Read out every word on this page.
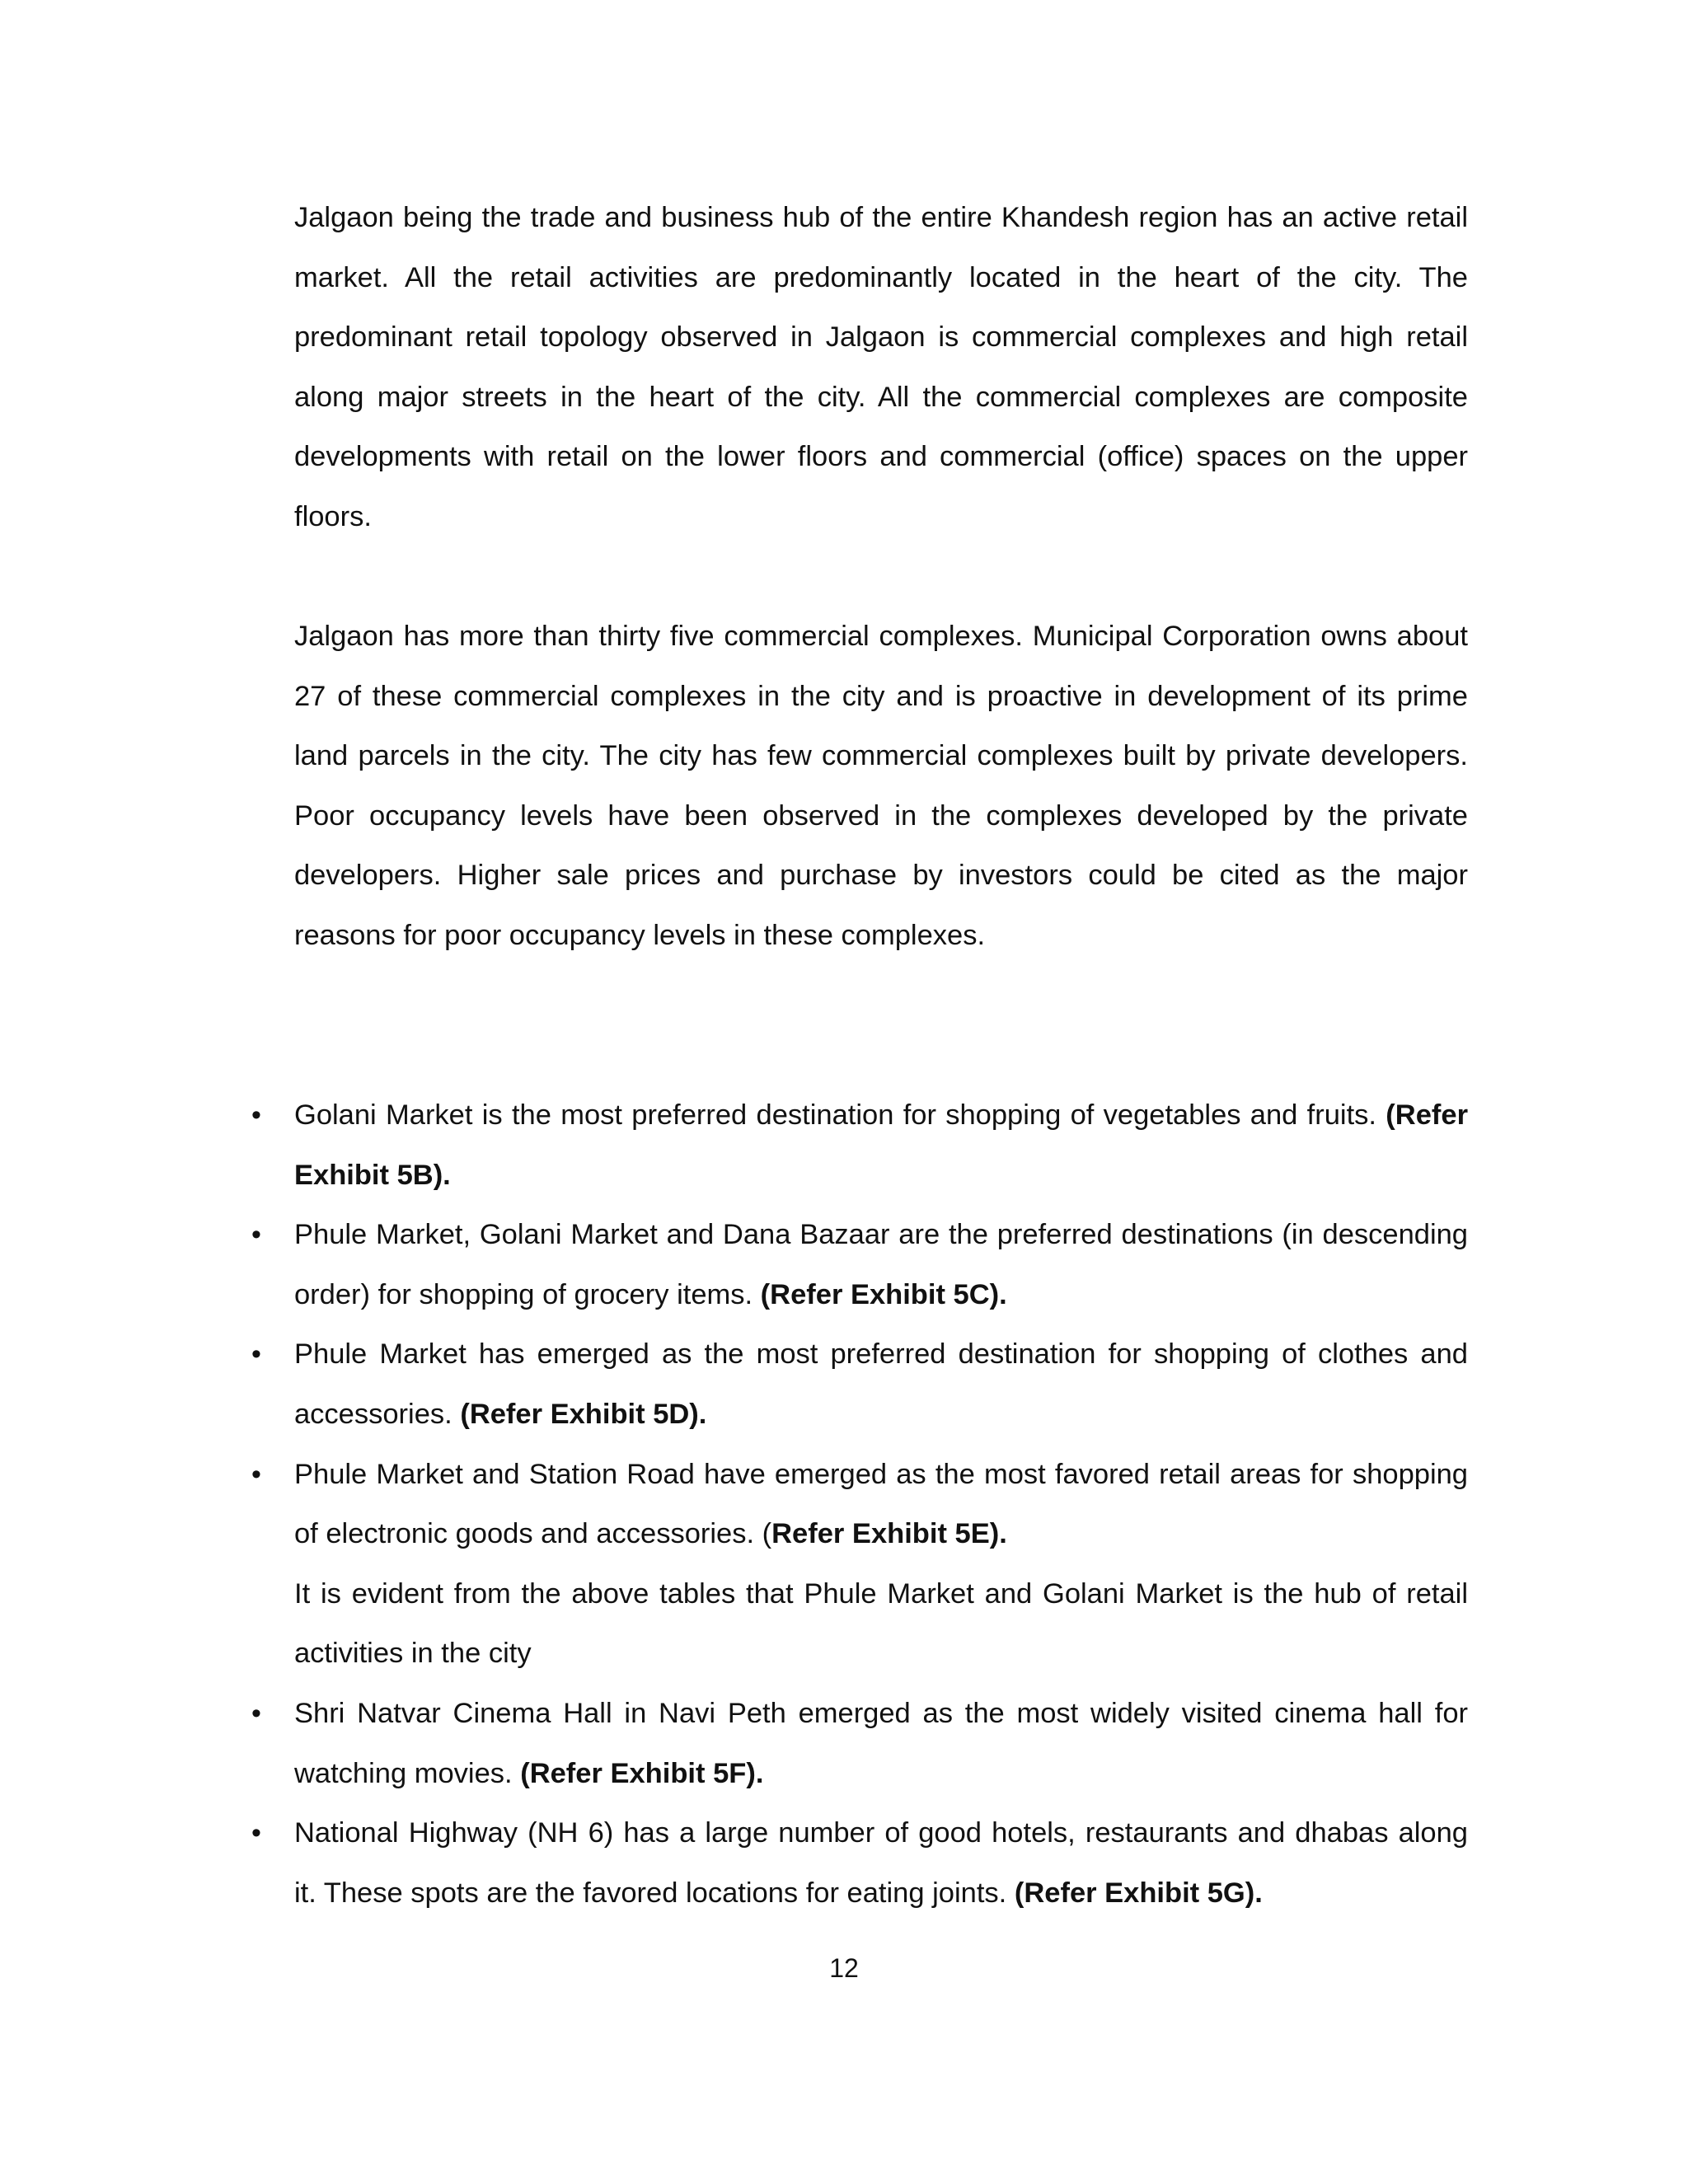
Jalgaon being the trade and business hub of the entire Khandesh region has an active retail market. All the retail activities are predominantly located in the heart of the city. The predominant retail topology observed in Jalgaon is commercial complexes and high retail along major streets in the heart of the city. All the commercial complexes are composite developments with retail on the lower floors and commercial (office) spaces on the upper floors.

Jalgaon has more than thirty five commercial complexes. Municipal Corporation owns about 27 of these commercial complexes in the city and is proactive in development of its prime land parcels in the city. The city has few commercial complexes built by private developers. Poor occupancy levels have been observed in the complexes developed by the private developers. Higher sale prices and purchase by investors could be cited as the major reasons for poor occupancy levels in these complexes.

• Golani Market is the most preferred destination for shopping of vegetables and fruits. (Refer Exhibit 5B).
• Phule Market, Golani Market and Dana Bazaar are the preferred destinations (in descending order) for shopping of grocery items. (Refer Exhibit 5C).
• Phule Market has emerged as the most preferred destination for shopping of clothes and accessories. (Refer Exhibit 5D).
• Phule Market and Station Road have emerged as the most favored retail areas for shopping of electronic goods and accessories. (Refer Exhibit 5E).
It is evident from the above tables that Phule Market and Golani Market is the hub of retail activities in the city
• Shri Natvar Cinema Hall in Navi Peth emerged as the most widely visited cinema hall for watching movies. (Refer Exhibit 5F).
• National Highway (NH 6) has a large number of good hotels, restaurants and dhabas along it. These spots are the favored locations for eating joints. (Refer Exhibit 5G).
12
